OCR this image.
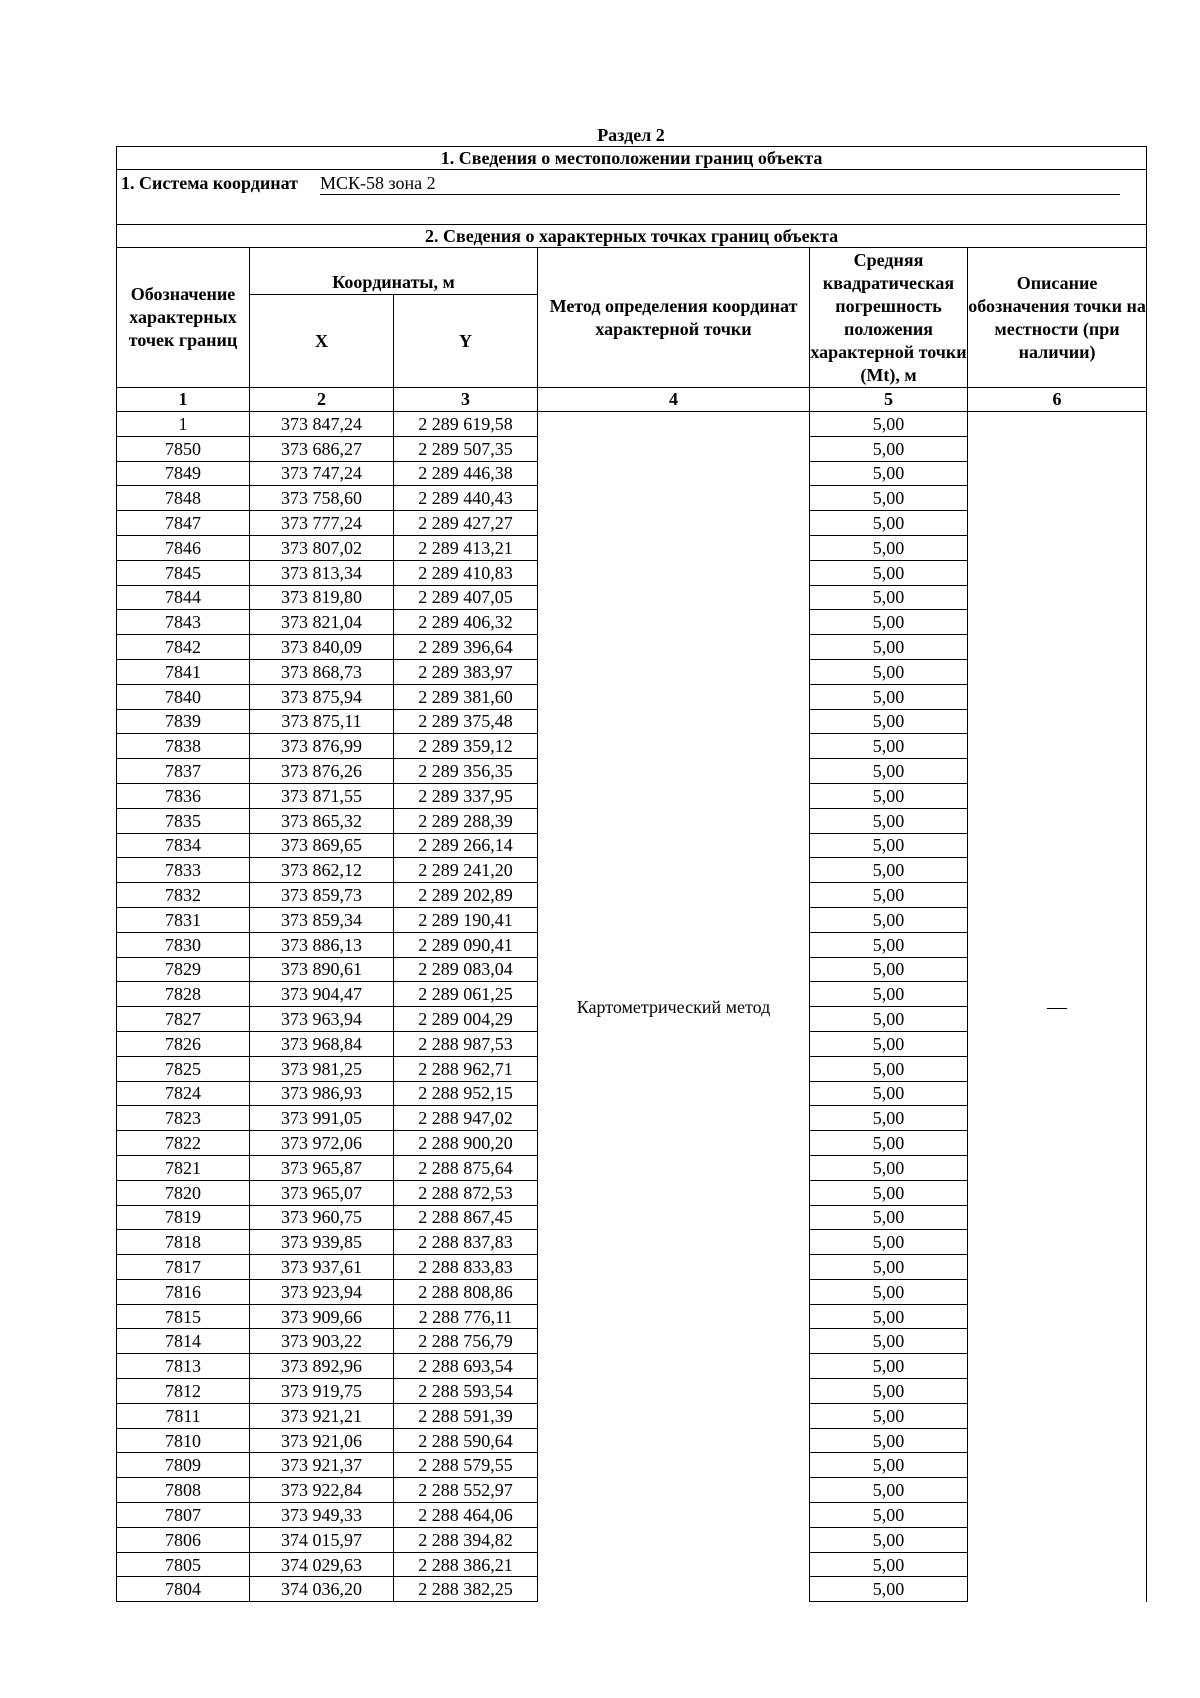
Раздел 2
1. Сведения о местоположении границ объекта					
1. Система координат МСК-58 зона 2					
2. Сведения о характерных точках границ объекта					
Обозначение характерных точек границ	Координаты, м		Метод определения координат характерной точки	Средняя квадратическая погрешность положения характерной точки (Mt), м	Описание обозначения точки на местности (при наличии)
	X	Y			
1	2	3	4	5	6
1	373 847,24	2 289 619,58	Картометрический метод	5,00	—
7850	373 686,27	2 289 507,35		5,00	
7849	373 747,24	2 289 446,38		5,00	
7848	373 758,60	2 289 440,43		5,00	
7847	373 777,24	2 289 427,27		5,00	
7846	373 807,02	2 289 413,21		5,00	
7845	373 813,34	2 289 410,83		5,00	
7844	373 819,80	2 289 407,05		5,00	
7843	373 821,04	2 289 406,32		5,00	
7842	373 840,09	2 289 396,64		5,00	
7841	373 868,73	2 289 383,97		5,00	
7840	373 875,94	2 289 381,60		5,00	
7839	373 875,11	2 289 375,48		5,00	
7838	373 876,99	2 289 359,12		5,00	
7837	373 876,26	2 289 356,35		5,00	
7836	373 871,55	2 289 337,95		5,00	
7835	373 865,32	2 289 288,39		5,00	
7834	373 869,65	2 289 266,14		5,00	
7833	373 862,12	2 289 241,20		5,00	
7832	373 859,73	2 289 202,89		5,00	
7831	373 859,34	2 289 190,41		5,00	
7830	373 886,13	2 289 090,41		5,00	
7829	373 890,61	2 289 083,04		5,00	
7828	373 904,47	2 289 061,25		5,00	
7827	373 963,94	2 289 004,29		5,00	
7826	373 968,84	2 288 987,53		5,00	
7825	373 981,25	2 288 962,71		5,00	
7824	373 986,93	2 288 952,15		5,00	
7823	373 991,05	2 288 947,02		5,00	
7822	373 972,06	2 288 900,20		5,00	
7821	373 965,87	2 288 875,64		5,00	
7820	373 965,07	2 288 872,53		5,00	
7819	373 960,75	2 288 867,45		5,00	
7818	373 939,85	2 288 837,83		5,00	
7817	373 937,61	2 288 833,83		5,00	
7816	373 923,94	2 288 808,86		5,00	
7815	373 909,66	2 288 776,11		5,00	
7814	373 903,22	2 288 756,79		5,00	
7813	373 892,96	2 288 693,54		5,00	
7812	373 919,75	2 288 593,54		5,00	
7811	373 921,21	2 288 591,39		5,00	
7810	373 921,06	2 288 590,64		5,00	
7809	373 921,37	2 288 579,55		5,00	
7808	373 922,84	2 288 552,97		5,00	
7807	373 949,33	2 288 464,06		5,00	
7806	374 015,97	2 288 394,82		5,00	
7805	374 029,63	2 288 386,21		5,00	
7804	374 036,20	2 288 382,25		5,00	
